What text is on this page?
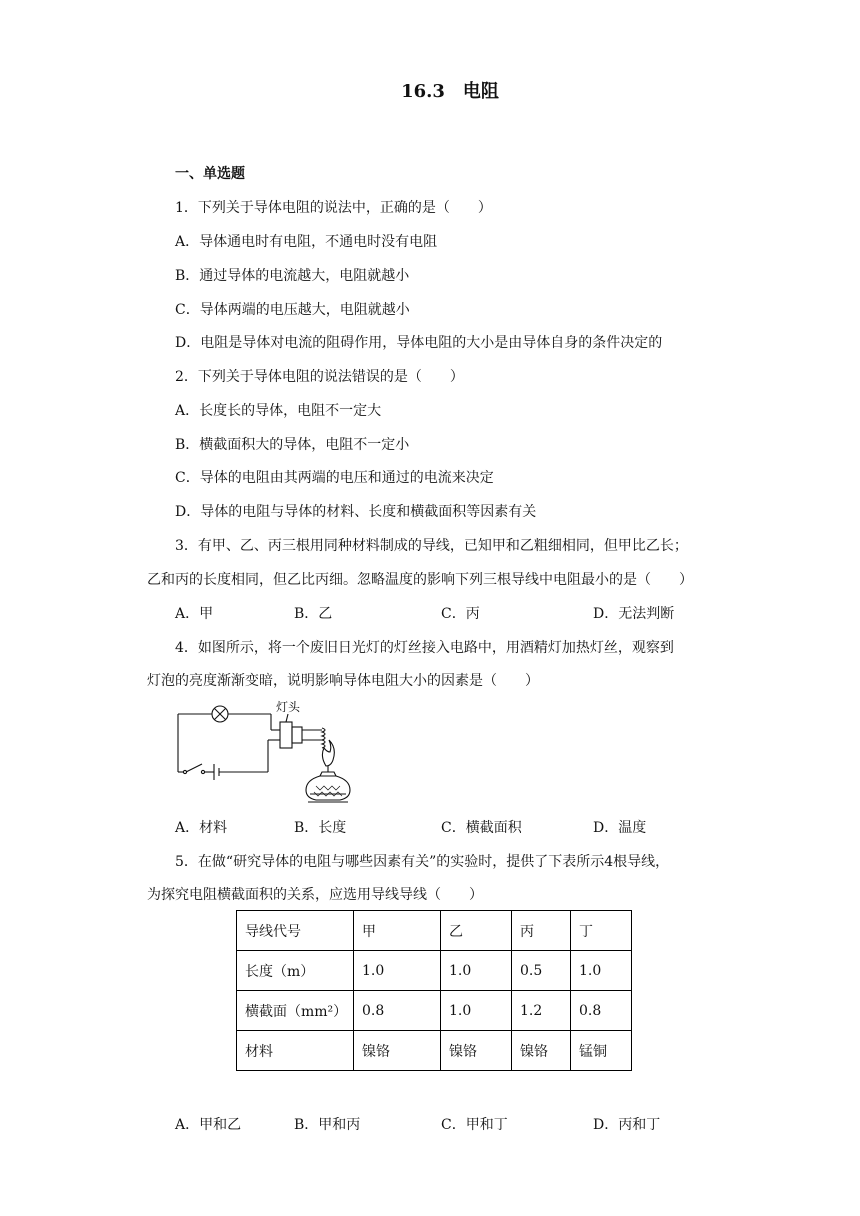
16.3　电阻
一、单选题
1．下列关于导体电阻的说法中，正确的是（　　）
A．导体通电时有电阻，不通电时没有电阻
B．通过导体的电流越大，电阻就越小
C．导体两端的电压越大，电阻就越小
D．电阻是导体对电流的阻碍作用，导体电阻的大小是由导体自身的条件决定的
2．下列关于导体电阻的说法错误的是（　　）
A．长度长的导体，电阻不一定大
B．横截面积大的导体，电阻不一定小
C．导体的电阻由其两端的电压和通过的电流来决定
D．导体的电阻与导体的材料、长度和横截面积等因素有关
3．有甲、乙、丙三根用同种材料制成的导线，已知甲和乙粗细相同，但甲比乙长；
乙和丙的长度相同，但乙比丙细。忽略温度的影响下列三根导线中电阻最小的是（　　）
A．甲	B．乙	C．丙	D．无法判断
4．如图所示，将一个废旧日光灯的灯丝接入电路中，用酒精灯加热灯丝，观察到
灯泡的亮度渐渐变暗，说明影响导体电阻大小的因素是（　　）
灯头
A．材料	B．长度	C．横截面积	D．温度
5．在做“研究导体的电阻与哪些因素有关”的实验时，提供了下表所示4根导线，
为探究电阻横截面积的关系，应选用导线导线（　　）
导线代号	甲	乙	丙	丁
长度（m）	1.0	1.0	0.5	1.0
横截面（mm²）	0.8	1.0	1.2	0.8
材料	镍铬	镍铬	镍铬	锰铜
A．甲和乙	B．甲和丙	C．甲和丁	D．丙和丁
